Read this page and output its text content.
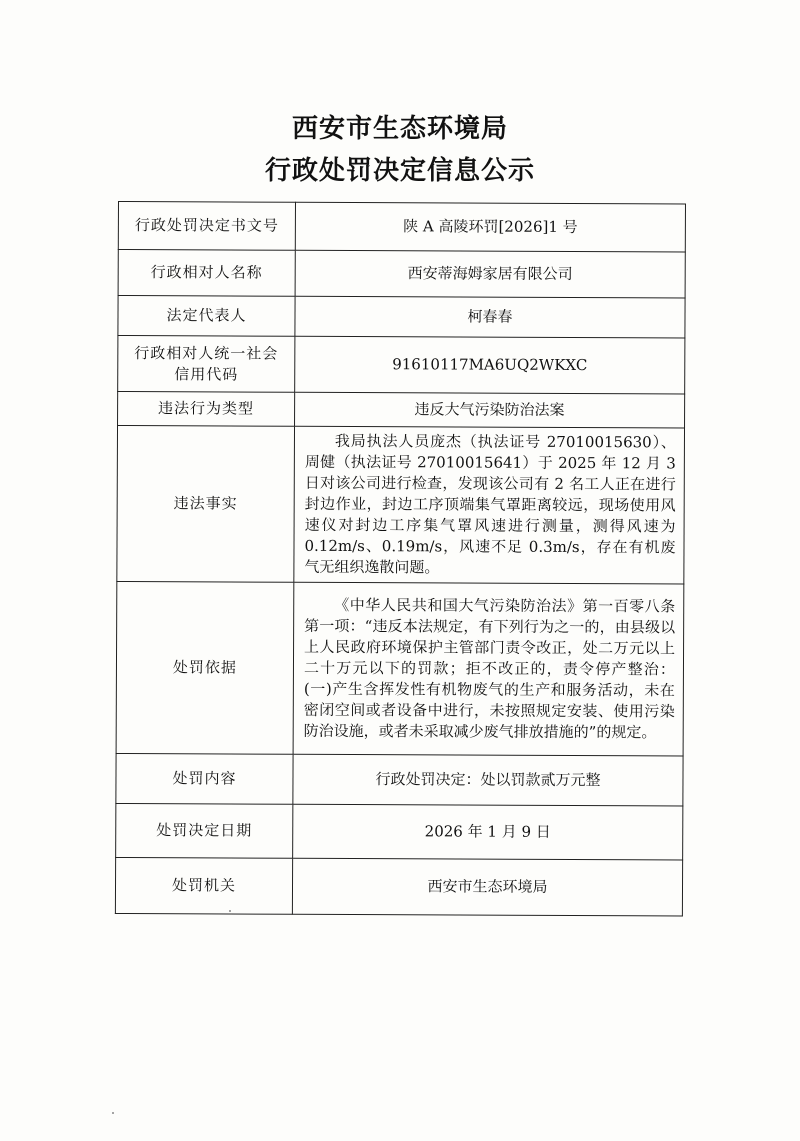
西安市生态环境局
行政处罚决定信息公示
行政处罚决定书文号	陕 A 高陵环罚[2026]1 号
行政相对人名称	西安蒂海姆家居有限公司
法定代表人	柯春春

行政相对人统一社会
信用代码	91610117MA6UQ2WKXC
违法行为类型	违反大气污染防治法案
违法事实	我局执法人员庞杰（执法证号 27010015630）、周健（执法证号 27010015641）于 2025 年 12 月 3 日对该公司进行检查，发现该公司有 2 名工人正在进行封边作业，封边工序顶端集气罩距离较远，现场使用风速仪对封边工序集气罩风速进行测量，测得风速为 0.12m/s、0.19m/s，风速不足 0.3m/s，存在有机废气无组织逸散问题。

处罚依据	《中华人民共和国大气污染防治法》第一百零八条第一项：“违反本法规定，有下列行为之一的，由县级以上人民政府环境保护主管部门责令改正，处二万元以上二十万元以下的罚款；拒不改正的，责令停产整治：(一)产生含挥发性有机物废气的生产和服务活动，未在密闭空间或者设备中进行，未按照规定安装、使用污染防治设施，或者未采取减少废气排放措施的”的规定。

处罚内容	行政处罚决定：处以罚款贰万元整
处罚决定日期	2026 年 1 月 9 日
处罚机关	西安市生态环境局
